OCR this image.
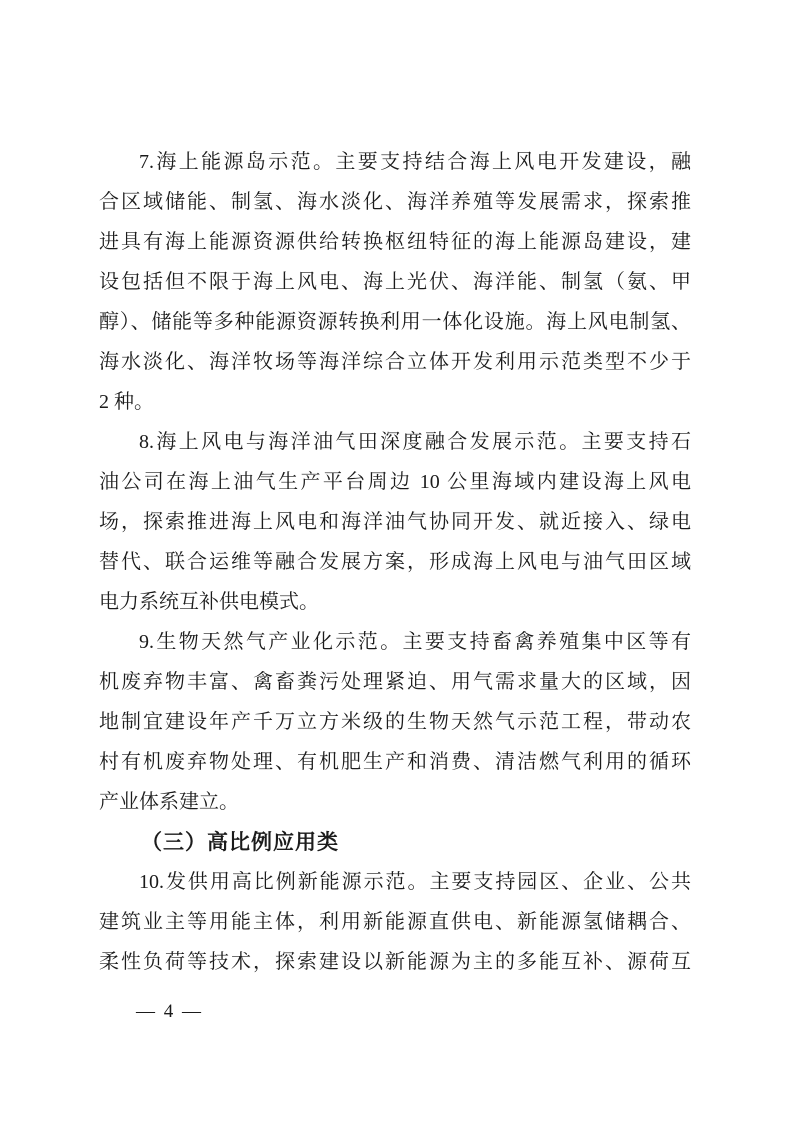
7.海上能源岛示范。主要支持结合海上风电开发建设，融
合区域储能、制氢、海水淡化、海洋养殖等发展需求，探索推
进具有海上能源资源供给转换枢纽特征的海上能源岛建设，建
设包括但不限于海上风电、海上光伏、海洋能、制氢（氨、甲
醇）、储能等多种能源资源转换利用一体化设施。海上风电制氢、
海水淡化、海洋牧场等海洋综合立体开发利用示范类型不少于
2 种。
8.海上风电与海洋油气田深度融合发展示范。主要支持石
油公司在海上油气生产平台周边 10 公里海域内建设海上风电
场，探索推进海上风电和海洋油气协同开发、就近接入、绿电
替代、联合运维等融合发展方案，形成海上风电与油气田区域
电力系统互补供电模式。
9.生物天然气产业化示范。主要支持畜禽养殖集中区等有
机废弃物丰富、禽畜粪污处理紧迫、用气需求量大的区域，因
地制宜建设年产千万立方米级的生物天然气示范工程，带动农
村有机废弃物处理、有机肥生产和消费、清洁燃气利用的循环
产业体系建立。
（三）高比例应用类
10.发供用高比例新能源示范。主要支持园区、企业、公共
建筑业主等用能主体，利用新能源直供电、新能源氢储耦合、
柔性负荷等技术，探索建设以新能源为主的多能互补、源荷互
— 4 —
